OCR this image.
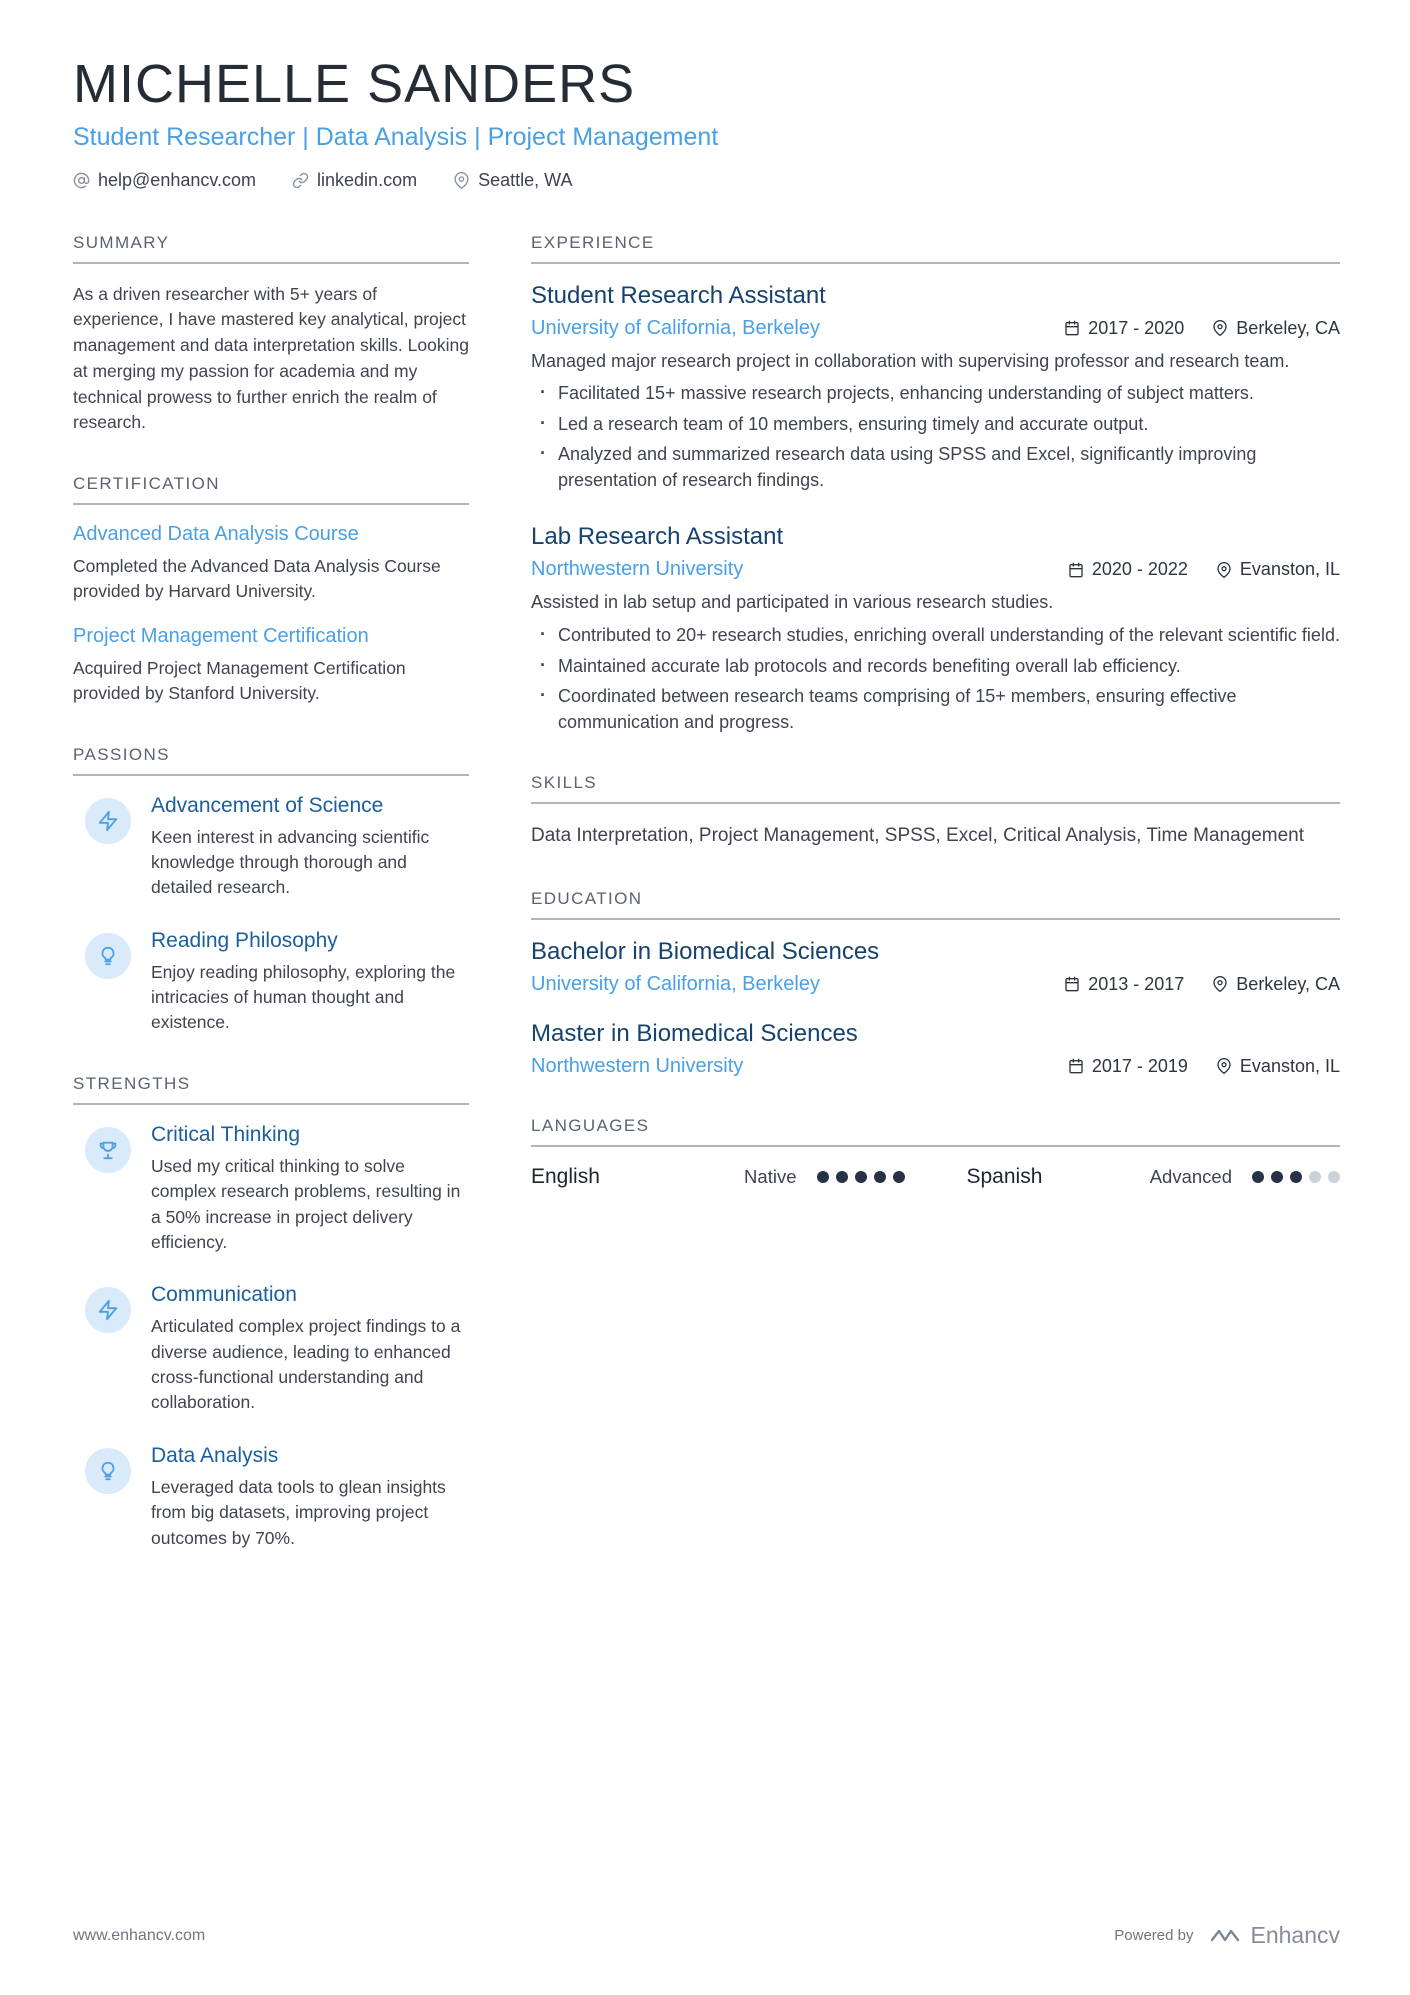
MICHELLE SANDERS
Student Researcher | Data Analysis | Project Management
help@enhancv.com	linkedin.com	Seattle, WA
SUMMARY

As a driven researcher with 5+ years of experience, I have mastered key analytical, project management and data interpretation skills. Looking at merging my passion for academia and my technical prowess to further enrich the realm of research.

CERTIFICATION

Advanced Data Analysis Course

Completed the Advanced Data Analysis Course provided by Harvard University.

Project Management Certification

Acquired Project Management Certification provided by Stanford University.

PASSIONS

Advancement of Science

Keen interest in advancing scientific knowledge through thorough and detailed research.

Reading Philosophy

Enjoy reading philosophy, exploring the intricacies of human thought and existence.

STRENGTHS

Critical Thinking

Used my critical thinking to solve complex research problems, resulting in a 50% increase in project delivery efficiency.

Communication

Articulated complex project findings to a diverse audience, leading to enhanced cross-functional understanding and collaboration.

Data Analysis

Leveraged data tools to glean insights from big datasets, improving project outcomes by 70%.

EXPERIENCE

Student Research Assistant

University of California, Berkeley	2017 - 2020	Berkeley, CA

Managed major research project in collaboration with supervising professor and research team.

· Facilitated 15+ massive research projects, enhancing understanding of subject matters.
· Led a research team of 10 members, ensuring timely and accurate output.
· Analyzed and summarized research data using SPSS and Excel, significantly improving presentation of research findings.

Lab Research Assistant

Northwestern University	2020 - 2022	Evanston, IL

Assisted in lab setup and participated in various research studies.

· Contributed to 20+ research studies, enriching overall understanding of the relevant scientific field.
· Maintained accurate lab protocols and records benefiting overall lab efficiency.
· Coordinated between research teams comprising of 15+ members, ensuring effective communication and progress.
SKILLS

Data Interpretation, Project Management, SPSS, Excel, Critical Analysis, Time Management

EDUCATION

Bachelor in Biomedical Sciences

University of California, Berkeley	2013 - 2017	Berkeley, CA

Master in Biomedical Sciences

Northwestern University	2017 - 2019	Evanston, IL
LANGUAGES
English	Native	Spanish	Advanced
www.enhancv.com	Powered by Enhancv
